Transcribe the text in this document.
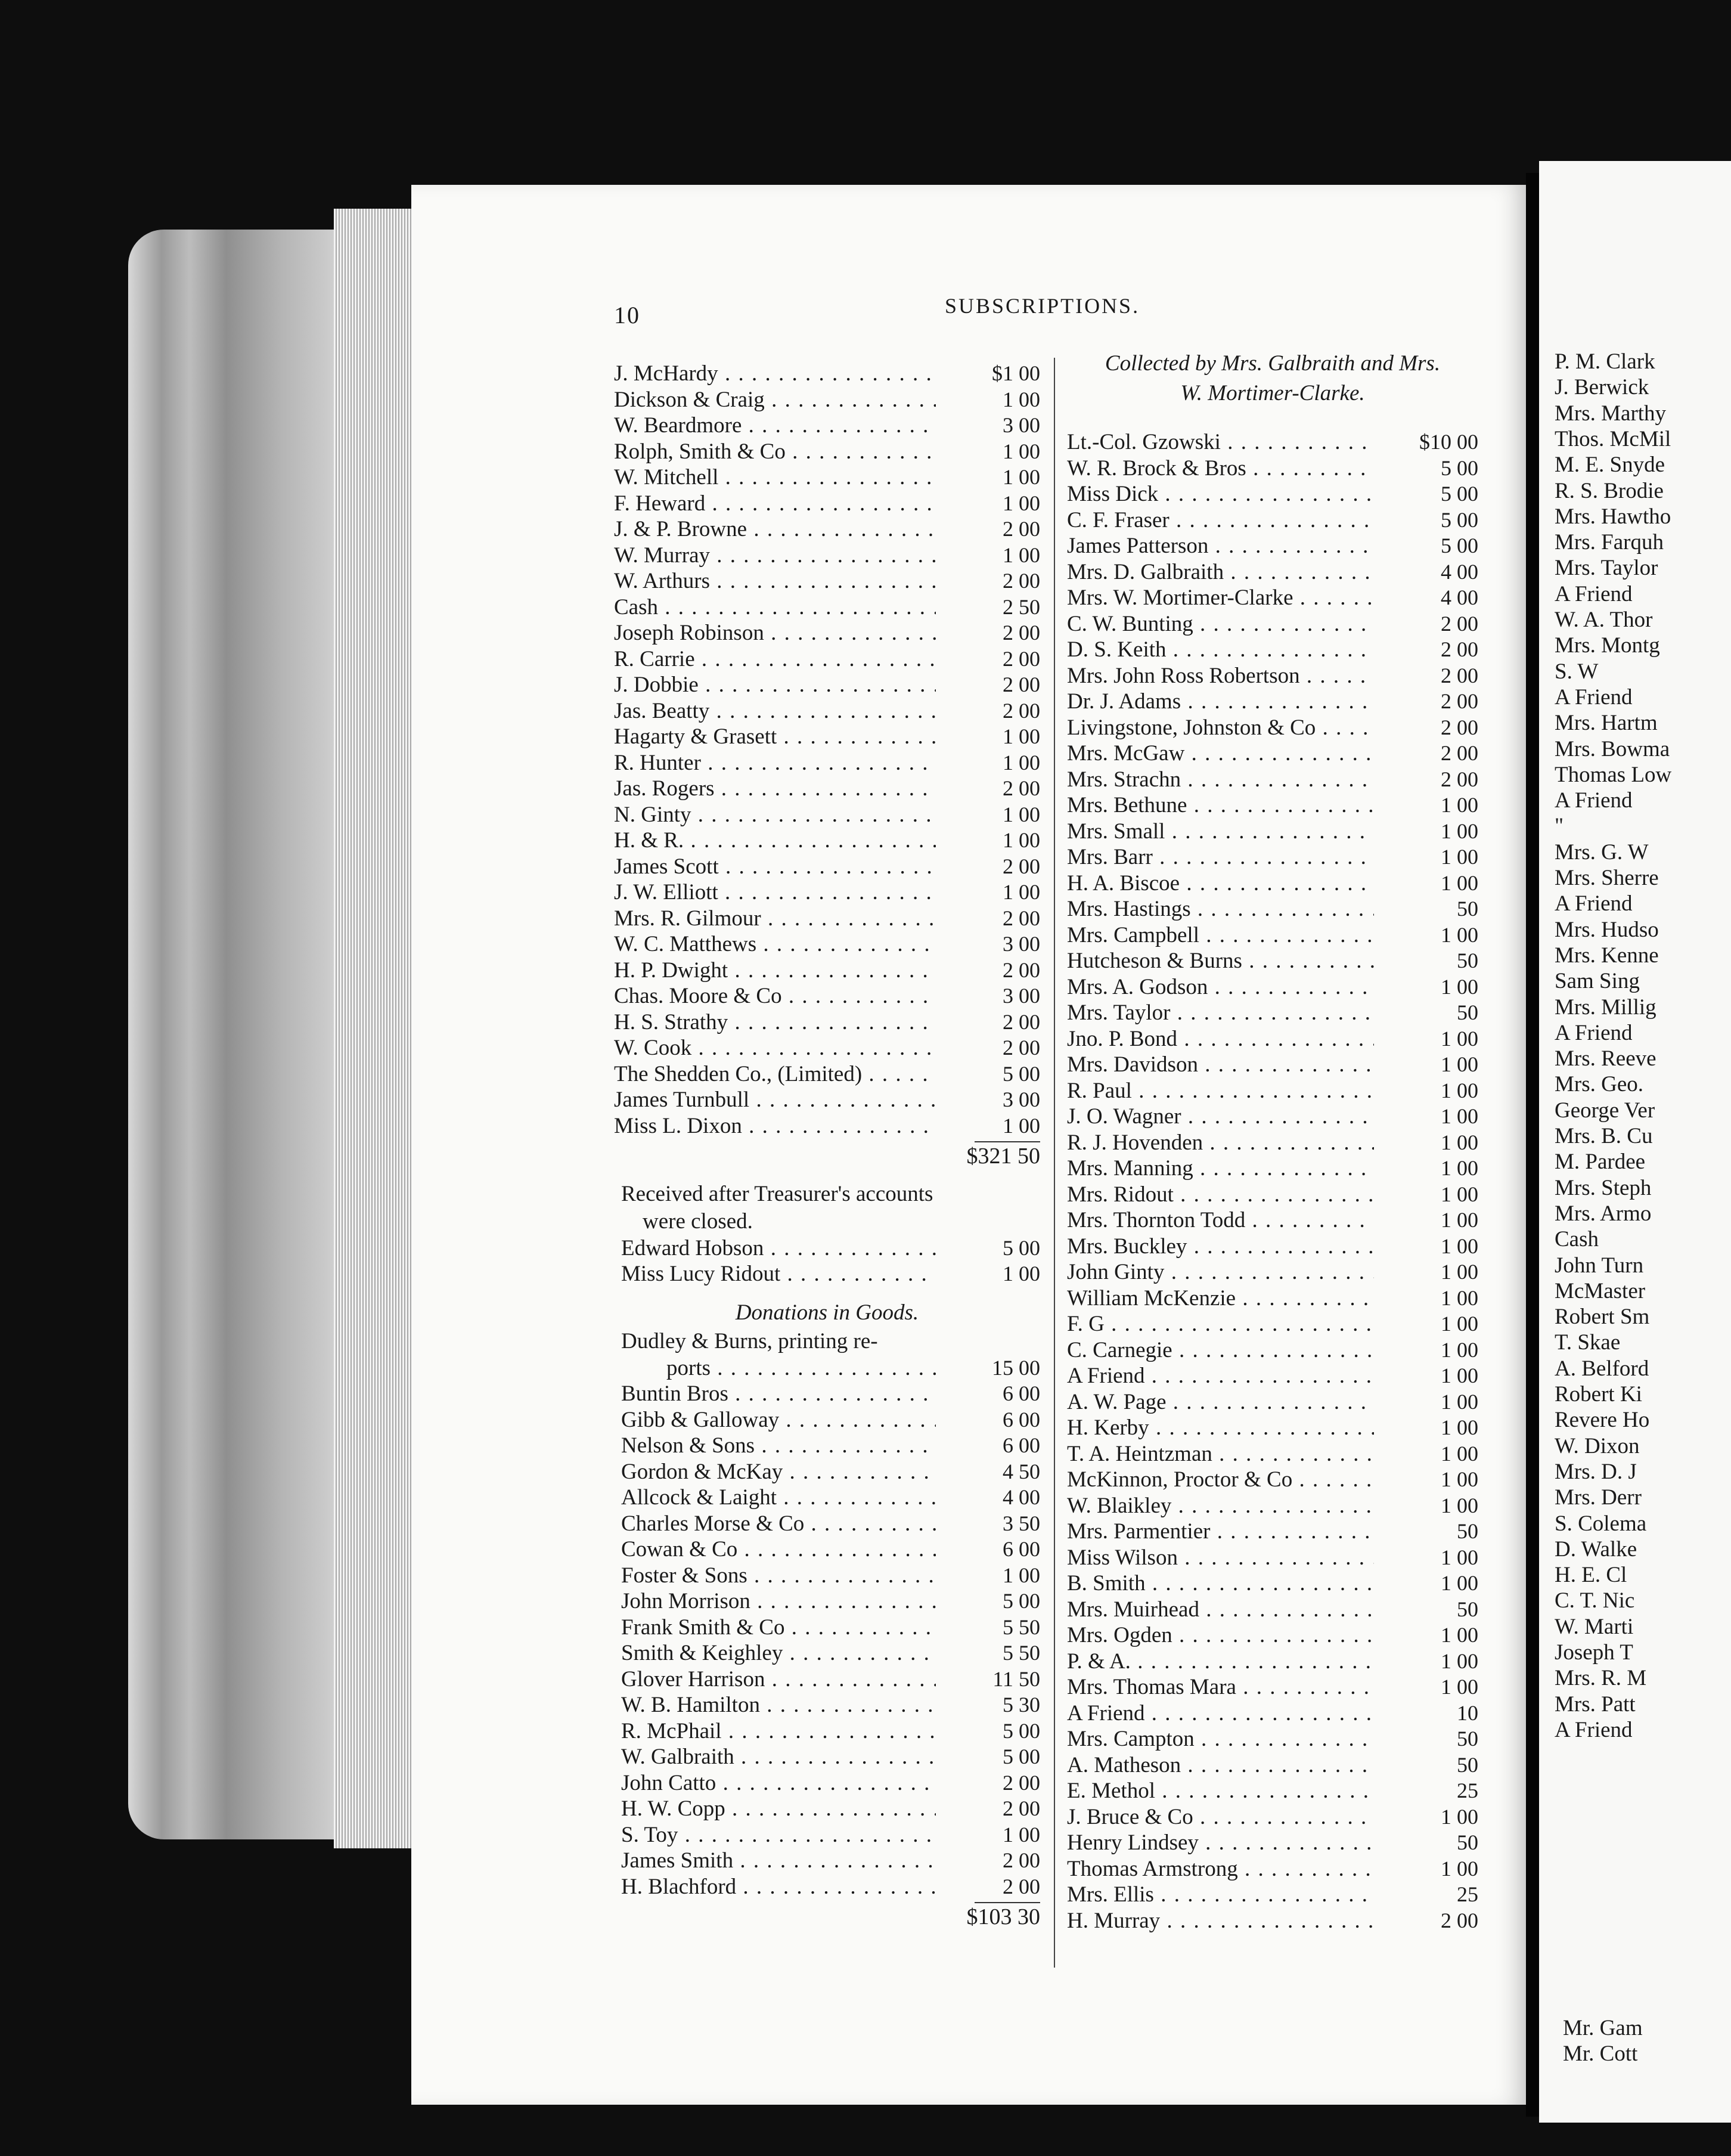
P. M. Clark
J. Berwick
Mrs. Marthy
Thos. McMil
M. E. Snyde
R. S. Brodie
Mrs. Hawtho
Mrs. Farquh
Mrs. Taylor
A Friend
W. A. Thor
Mrs. Montg
S. W
A Friend
Mrs. Hartm
Mrs. Bowma
Thomas Low
A Friend
"
Mrs. G. W
Mrs. Sherre
A Friend
Mrs. Hudso
Mrs. Kenne
Sam Sing
Mrs. Millig
A Friend
Mrs. Reeve
Mrs. Geo.
George Ver
Mrs. B. Cu
M. Pardee
Mrs. Steph
Mrs. Armo
Cash
John Turn
McMaster
Robert Sm
T. Skae
A. Belford
Robert Ki
Revere Ho
W. Dixon
Mrs. D. J
Mrs. Derr
S. Colema
D. Walke
H. E. Cl
C. T. Nic
W. Marti
Joseph T
Mrs. R. M
Mrs. Patt
A Friend
Mr. Gam
Mr. Cott
10	SUBSCRIPTIONS.
J. McHardy . . .	$1 00
Dickson & Craig . . .	1 00
W. Beardmore . . .	3 00
Rolph, Smith & Co . . .	1 00
W. Mitchell . . .	1 00
F. Heward . . .	1 00
J. & P. Browne . . .	2 00
W. Murray . . .	1 00
W. Arthurs . . .	2 00
Cash . . .	2 50
Joseph Robinson . . .	2 00
R. Carrie . . .	2 00
J. Dobbie . . .	2 00
Jas. Beatty . . .	2 00
Hagarty & Grasett . . .	1 00
R. Hunter . . .	1 00
Jas. Rogers . . .	2 00
N. Ginty . . .	1 00
H. & R. . . .	1 00
James Scott . . .	2 00
J. W. Elliott . . .	1 00
Mrs. R. Gilmour . . .	2 00
W. C. Matthews . . .	3 00
H. P. Dwight . . .	2 00
Chas. Moore & Co . . .	3 00
H. S. Strathy . . .	2 00
W. Cook . . .	2 00
The Shedden Co., (Limited) . . .	5 00
James Turnbull . . .	3 00
Miss L. Dixon . . .	1 00
$321 50
Received after Treasurer's accounts
were closed.
Edward Hobson . . .	5 00
Miss Lucy Ridout . . .	1 00
Donations in Goods.
Dudley & Burns, printing re-
ports . . .	15 00
Buntin Bros . . .	6 00
Gibb & Galloway . . .	6 00
Nelson & Sons . . .	6 00
Gordon & McKay . . .	4 50
Allcock & Laight . . .	4 00
Charles Morse & Co . . .	3 50
Cowan & Co . . .	6 00
Foster & Sons . . .	1 00
John Morrison . . .	5 00
Frank Smith & Co . . .	5 50
Smith & Keighley . . .	5 50
Glover Harrison . . .	11 50
W. B. Hamilton . . .	5 30
R. McPhail . . .	5 00
W. Galbraith . . .	5 00
John Catto . . .	2 00
H. W. Copp . . .	2 00
S. Toy . . .	1 00
James Smith . . .	2 00
H. Blachford . . .	2 00
$103 30
Collected by Mrs. Galbraith and Mrs.
W. Mortimer-Clarke.
Lt.-Col. Gzowski . . .	$10 00
W. R. Brock & Bros . . .	5 00
Miss Dick . . .	5 00
C. F. Fraser . . .	5 00
James Patterson . . .	5 00
Mrs. D. Galbraith . . .	4 00
Mrs. W. Mortimer-Clarke . . .	4 00
C. W. Bunting . . .	2 00
D. S. Keith . . .	2 00
Mrs. John Ross Robertson . . .	2 00
Dr. J. Adams . . .	2 00
Livingstone, Johnston & Co . . .	2 00
Mrs. McGaw . . .	2 00
Mrs. Strachn . . .	2 00
Mrs. Bethune . . .	1 00
Mrs. Small . . .	1 00
Mrs. Barr . . .	1 00
H. A. Biscoe . . .	1 00
Mrs. Hastings . . .	50
Mrs. Campbell . . .	1 00
Hutcheson & Burns . . .	50
Mrs. A. Godson . . .	1 00
Mrs. Taylor . . .	50
Jno. P. Bond . . .	1 00
Mrs. Davidson . . .	1 00
R. Paul . . .	1 00
J. O. Wagner . . .	1 00
R. J. Hovenden . . .	1 00
Mrs. Manning . . .	1 00
Mrs. Ridout . . .	1 00
Mrs. Thornton Todd . . .	1 00
Mrs. Buckley . . .	1 00
John Ginty . . .	1 00
William McKenzie . . .	1 00
F. G . . .	1 00
C. Carnegie . . .	1 00
A Friend . . .	1 00
A. W. Page . . .	1 00
H. Kerby . . .	1 00
T. A. Heintzman . . .	1 00
McKinnon, Proctor & Co . . .	1 00
W. Blaikley . . .	1 00
Mrs. Parmentier . . .	50
Miss Wilson . . .	1 00
B. Smith . . .	1 00
Mrs. Muirhead . . .	50
Mrs. Ogden . . .	1 00
P. & A. . . .	1 00
Mrs. Thomas Mara . . .	1 00
A Friend . . .	10
Mrs. Campton . . .	50
A. Matheson . . .	50
E. Methol . . .	25
J. Bruce & Co . . .	1 00
Henry Lindsey . . .	50
Thomas Armstrong . . .	1 00
Mrs. Ellis . . .	25
H. Murray . . .	2 00
